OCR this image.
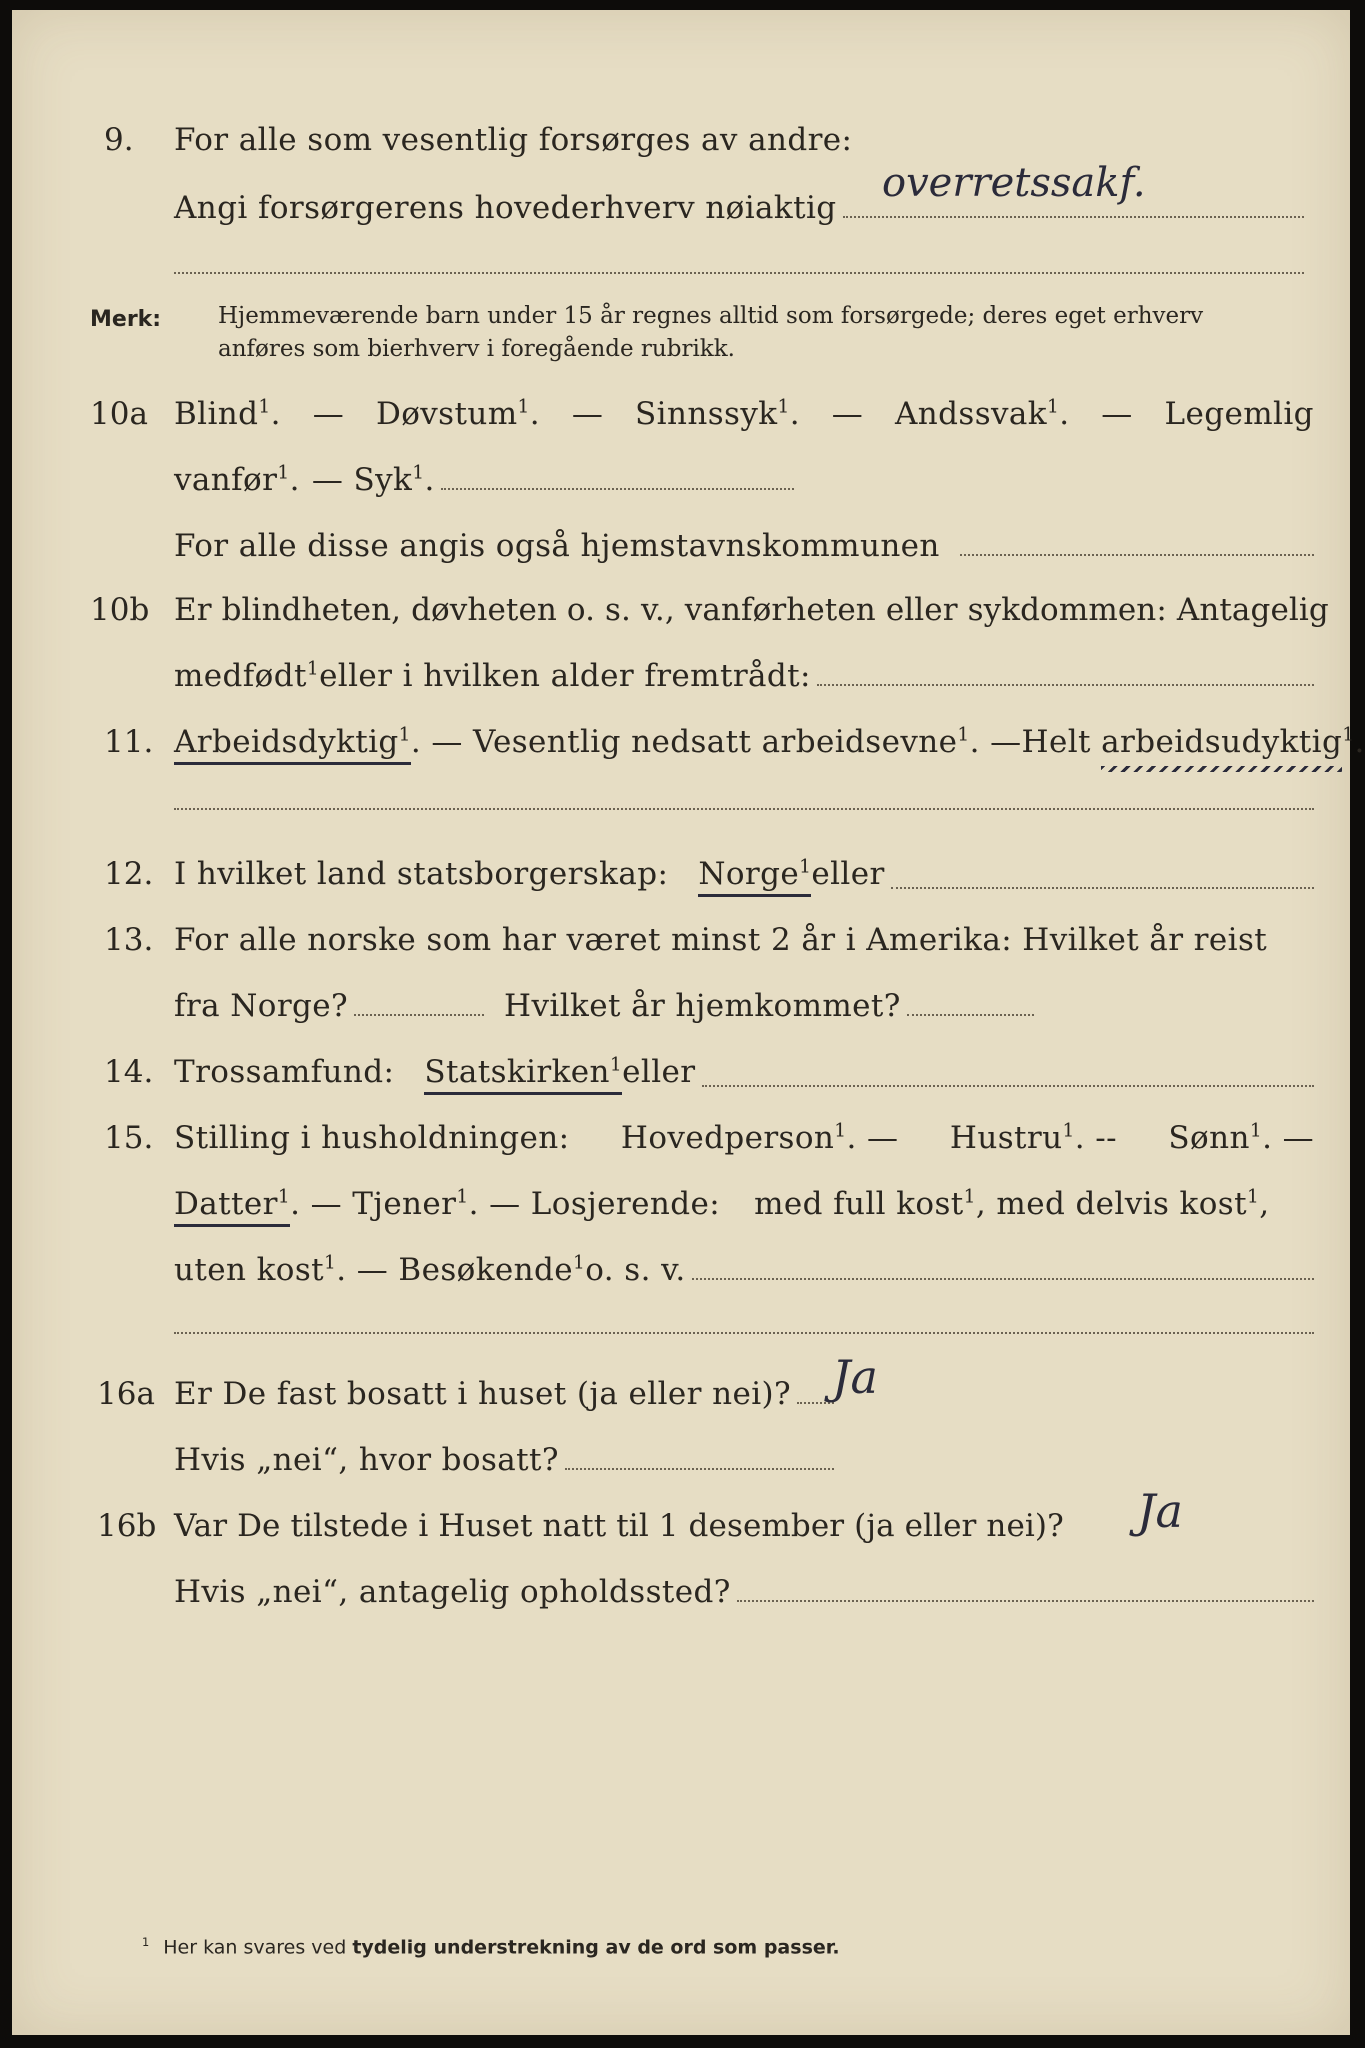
9. For alle som vesentlig forsørges av andre:
Angi forsørgerens hovederhverv nøiaktig
overretssakf.
Merk: Hjemmeværende barn under 15 år regnes alltid som forsørgede; deres eget erhverv
anføres som bierhverv i foregående rubrikk.
10a Blind$^1$. — Døvstum$^1$. — Sinnssyk$^1$. — Andssvak$^1$. — Legemlig
vanfør$^1$. — Syk$^1$.
For alle disse angis også hjemstavnskommunen
10b Er blindheten, døvheten o. s. v., vanførheten eller sykdommen: Antagelig
medfødt$^1$ eller i hvilken alder fremtrådt:
11. Arbeidsdyktig$^1$ . — Vesentlig nedsatt arbeidsevne$^1$ . — Helt arbeidsudyktig$^1$.
12. I hvilket land statsborgerskap: Norge$^1$ eller
13. For alle norske som har været minst 2 år i Amerika: Hvilket år reist
fra Norge?	Hvilket år hjemkommet?
14. Trossamfund: Statskirken$^1$ eller
15. Stilling i husholdningen: Hovedperson$^1$. — Hustru$^1$. -- Sønn$^1$. —
Datter$^1$ . — Tjener$^1$ . — Losjerende: med full kost$^1$ , med delvis kost$^1$,
uten kost$^1$ . — Besøkende$^1$ o. s. v.
16a Er De fast bosatt i huset (ja eller nei)? Ja
Hvis „nei“, hvor bosatt?
16b Var De tilstede i Huset natt til 1 desember (ja eller nei)? Ja
Hvis „nei“, antagelig opholdssted?
$^1$ Her kan svares ved tydelig understrekning av de ord som passer.
